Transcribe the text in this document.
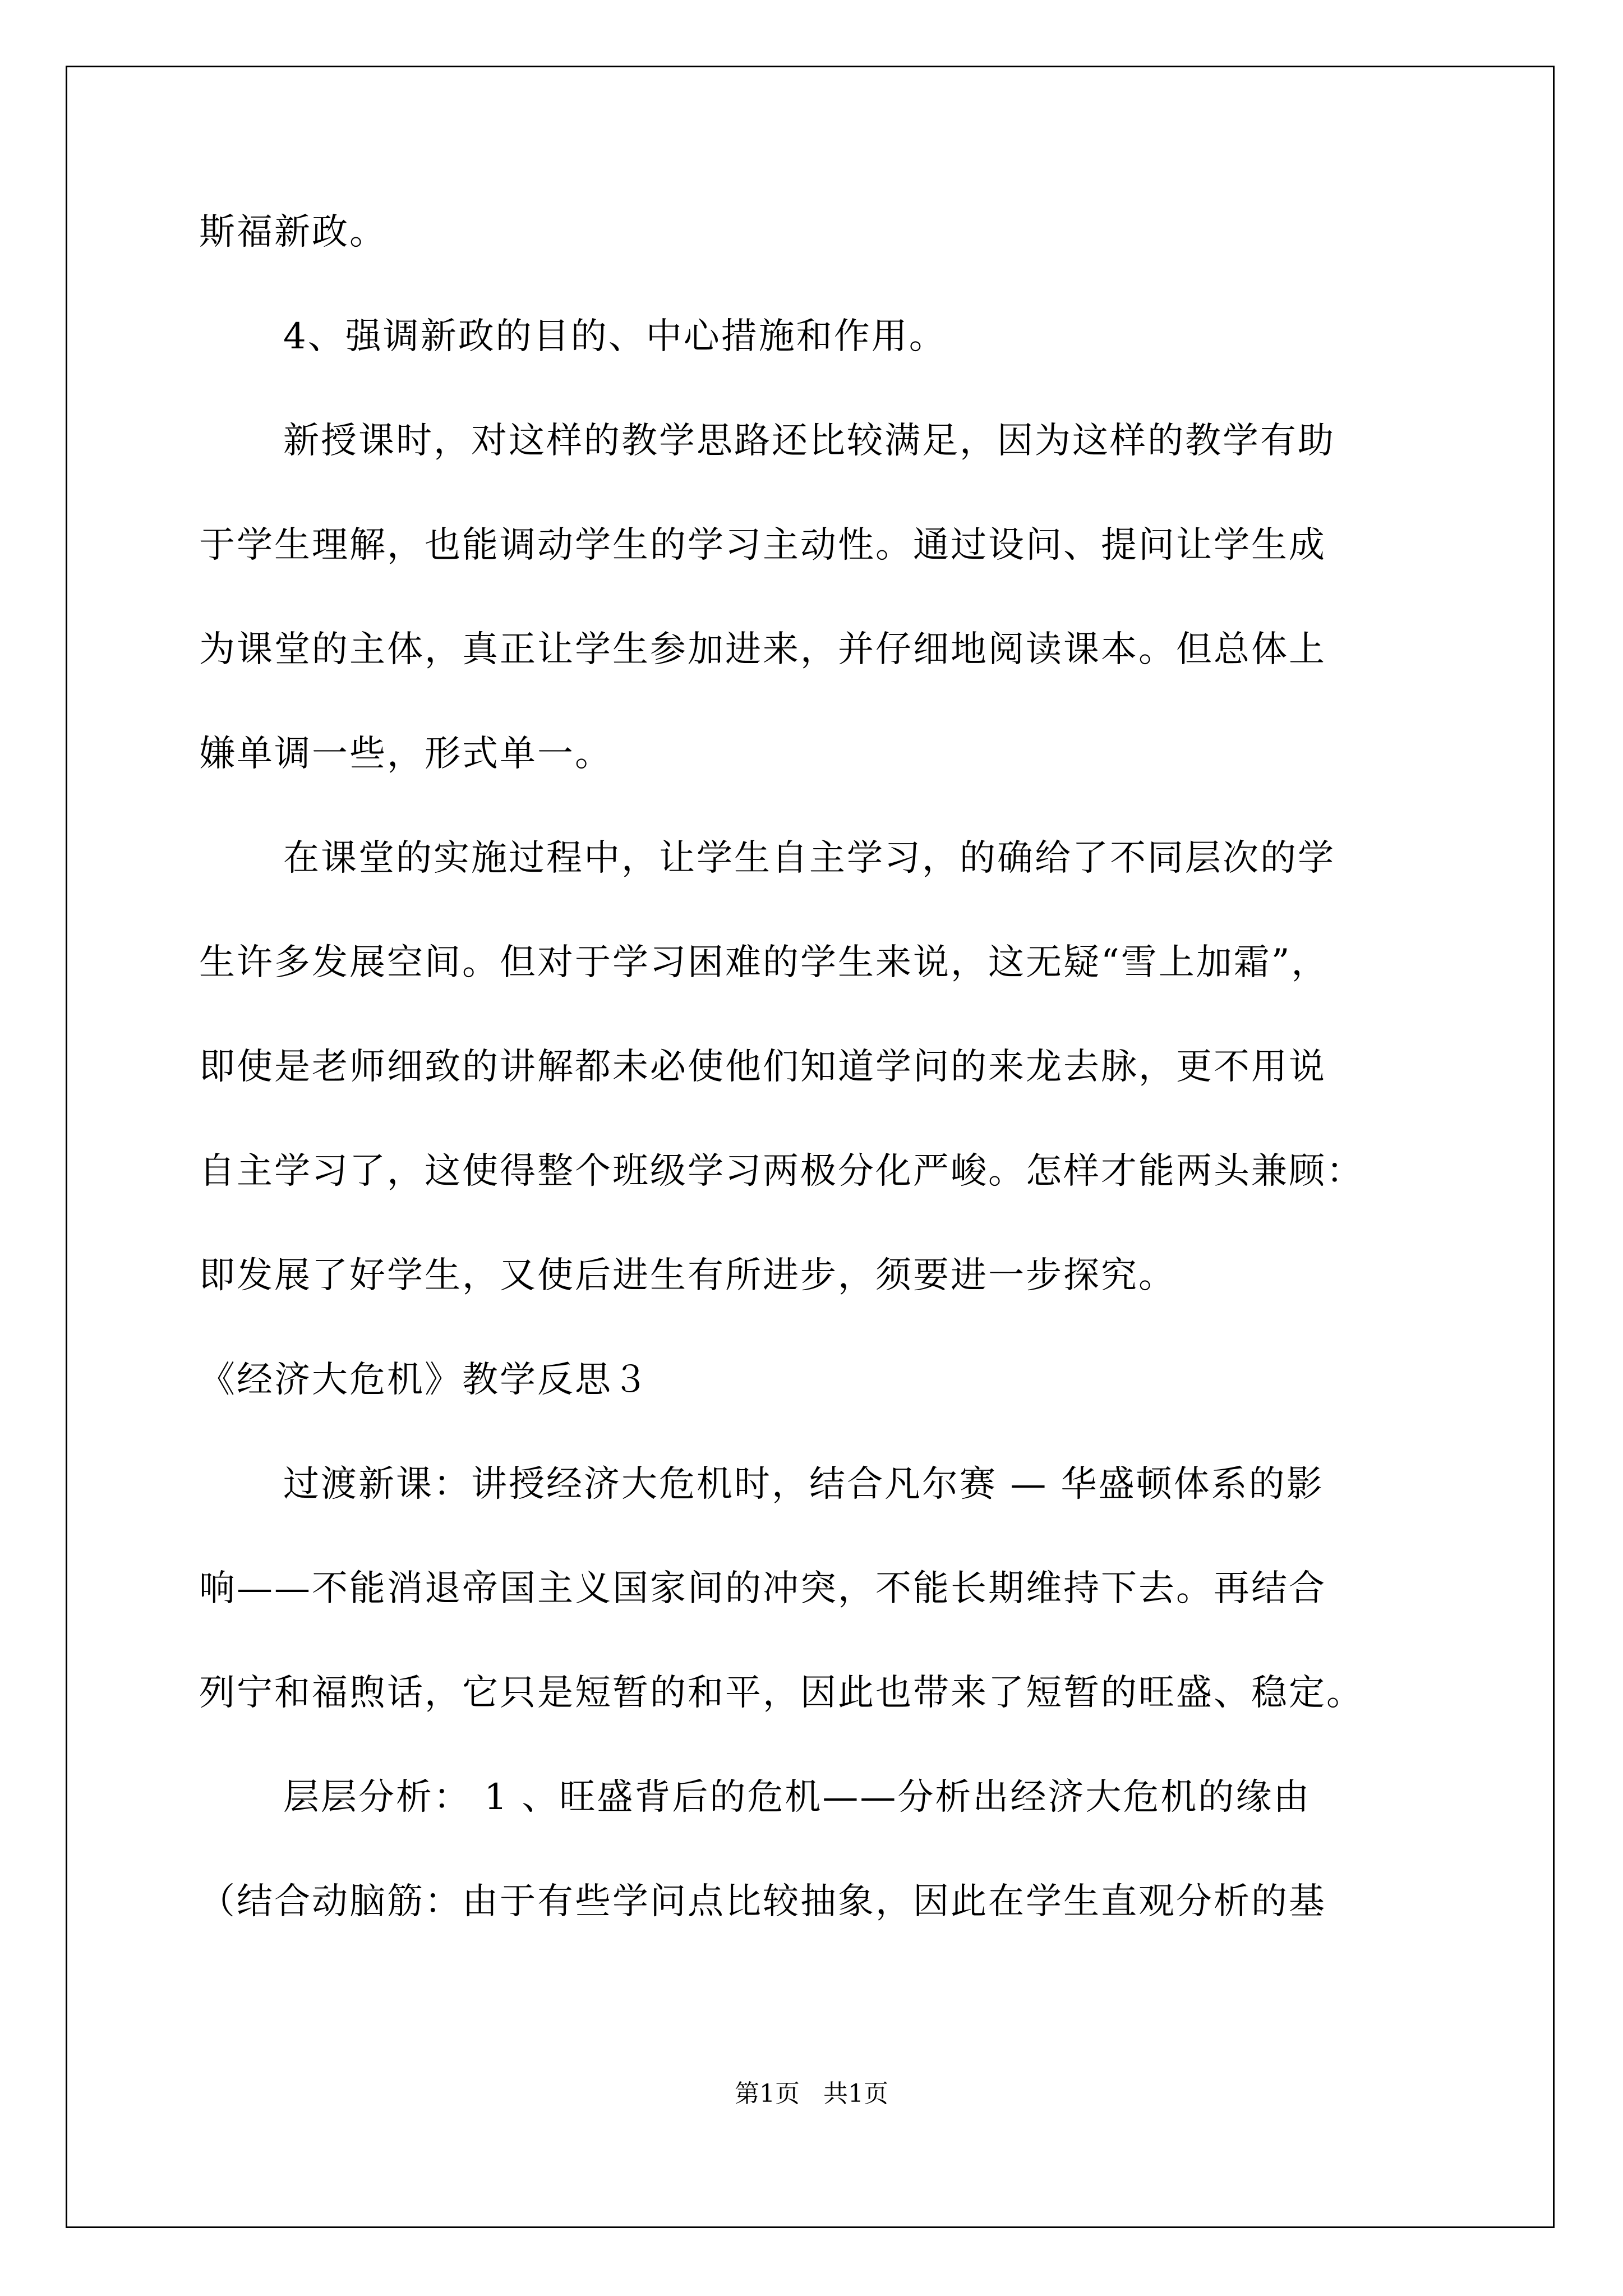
斯福新政。
4、强调新政的目的、中心措施和作用。
新授课时，对这样的教学思路还比较满足，因为这样的教学有助
于学生理解，也能调动学生的学习主动性。通过设问、提问让学生成
为课堂的主体，真正让学生参加进来，并仔细地阅读课本。但总体上
嫌单调一些，形式单一。
在课堂的实施过程中，让学生自主学习，的确给了不同层次的学
生许多发展空间。但对于学习困难的学生来说，这无疑“雪上加霜”，
即使是老师细致的讲解都未必使他们知道学问的来龙去脉，更不用说
自主学习了，这使得整个班级学习两极分化严峻。怎样才能两头兼顾：
即发展了好学生，又使后进生有所进步，须要进一步探究。
《经济大危机》教学反思３
过渡新课：讲授经济大危机时，结合凡尔赛 — 华盛顿体系的影
响——不能消退帝国主义国家间的冲突，不能长期维持下去。再结合
列宁和福煦话，它只是短暂的和平，因此也带来了短暂的旺盛、稳定。
层层分析： 1 、旺盛背后的危机——分析出经济大危机的缘由
（结合动脑筋：由于有些学问点比较抽象，因此在学生直观分析的基
第1页   共1页
